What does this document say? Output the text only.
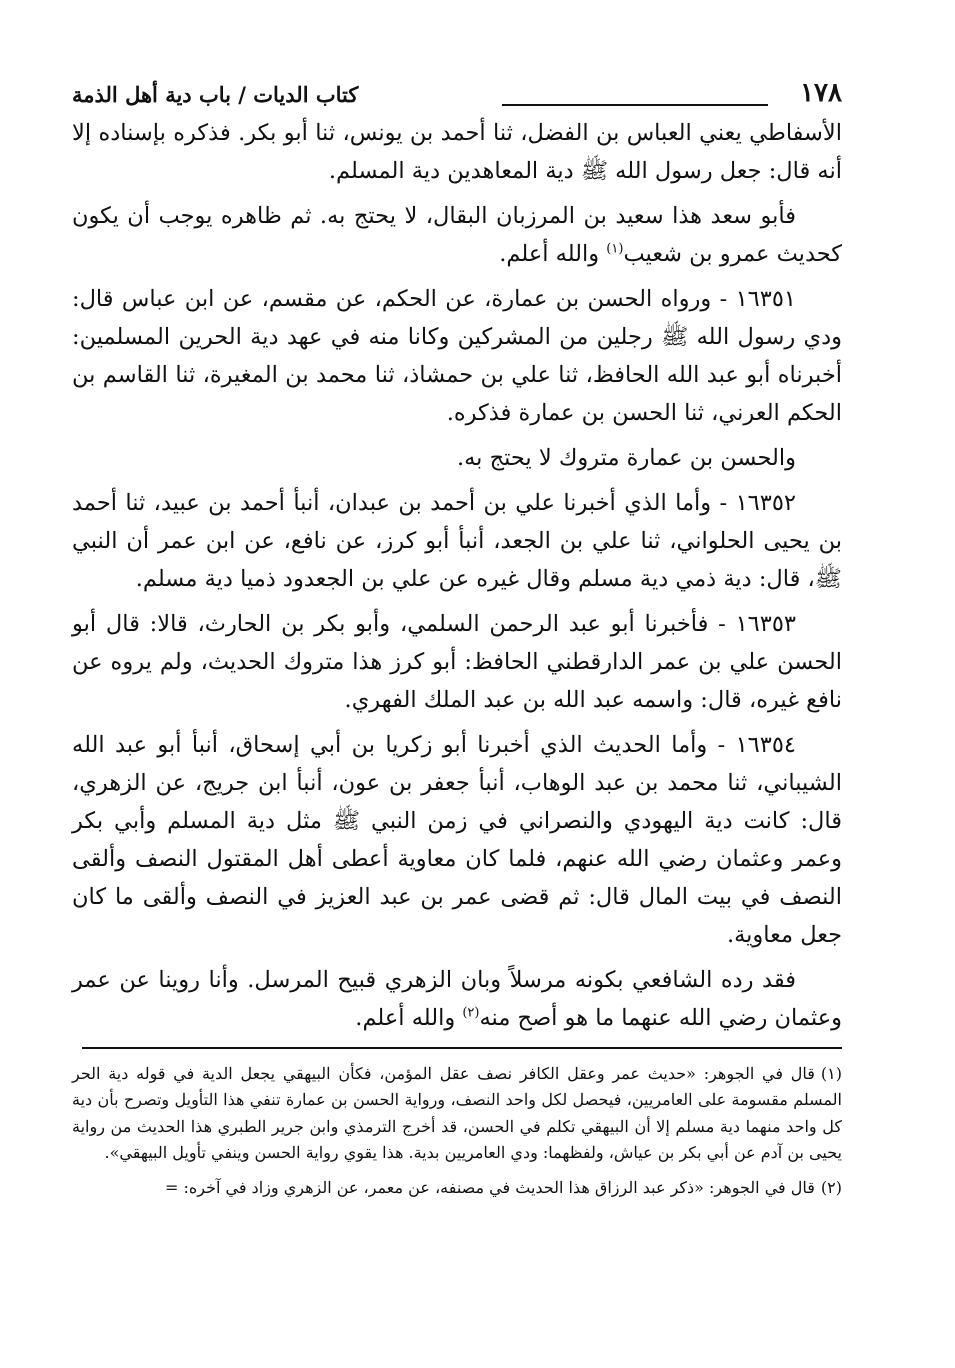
١٧٨
كتاب الديات / باب دية أهل الذمة

الأسفاطي يعني العباس بن الفضل، ثنا أحمد بن يونس، ثنا أبو بكر. فذكره بإسناده إلا أنه قال: جعل رسول الله ﷺ دية المعاهدين دية المسلم.

فأبو سعد هذا سعيد بن المرزبان البقال، لا يحتج به. ثم ظاهره يوجب أن يكون كحديث عمرو بن شعيب$^{(١)}$ والله أعلم.

١٦٣٥١ - ورواه الحسن بن عمارة، عن الحكم، عن مقسم، عن ابن عباس قال: ودي رسول الله ﷺ رجلين من المشركين وكانا منه في عهد دية الحرين المسلمين: أخبرناه أبو عبد الله الحافظ، ثنا علي بن حمشاذ، ثنا محمد بن المغيرة، ثنا القاسم بن الحكم العرني، ثنا الحسن بن عمارة فذكره.

والحسن بن عمارة متروك لا يحتج به.

١٦٣٥٢ - وأما الذي أخبرنا علي بن أحمد بن عبدان، أنبأ أحمد بن عبيد، ثنا أحمد بن يحيى الحلواني، ثنا علي بن الجعد، أنبأ أبو كرز، عن نافع، عن ابن عمر أن النبي ﷺ، قال: دية ذمي دية مسلم وقال غيره عن علي بن الجعدود ذميا دية مسلم.

١٦٣٥٣ - فأخبرنا أبو عبد الرحمن السلمي، وأبو بكر بن الحارث، قالا: قال أبو الحسن علي بن عمر الدارقطني الحافظ: أبو كرز هذا متروك الحديث، ولم يروه عن نافع غيره، قال: واسمه عبد الله بن عبد الملك الفهري.

١٦٣٥٤ - وأما الحديث الذي أخبرنا أبو زكريا بن أبي إسحاق، أنبأ أبو عبد الله الشيباني، ثنا محمد بن عبد الوهاب، أنبأ جعفر بن عون، أنبأ ابن جريج، عن الزهري، قال: كانت دية اليهودي والنصراني في زمن النبي ﷺ مثل دية المسلم وأبي بكر وعمر وعثمان رضي الله عنهم، فلما كان معاوية أعطى أهل المقتول النصف وألقى النصف في بيت المال قال: ثم قضى عمر بن عبد العزيز في النصف وألقى ما كان جعل معاوية.

فقد رده الشافعي بكونه مرسلاً وبان الزهري قبيح المرسل. وأنا روينا عن عمر وعثمان رضي الله عنهما ما هو أصح منه$^{(٢)}$ والله أعلم.

(١)قال في الجوهر: «حديث عمر وعقل الكافر نصف عقل المؤمن، فكأن البيهقي يجعل الدية في قوله دية الحر المسلم مقسومة على العامريين، فيحصل لكل واحد النصف، ورواية الحسن بن عمارة تنفي هذا التأويل وتصرح بأن دية كل واحد منهما دية مسلم إلا أن البيهقي تكلم في الحسن، قد أخرج الترمذي وابن جرير الطبري هذا الحديث من رواية يحيى بن آدم عن أبي بكر بن عياش، ولفظهما: ودي العامريين بدية. هذا يقوي رواية الحسن وينفي تأويل البيهقي».

(٢)قال في الجوهر: «ذكر عبد الرزاق هذا الحديث في مصنفه، عن معمر، عن الزهري وزاد في آخره: =
